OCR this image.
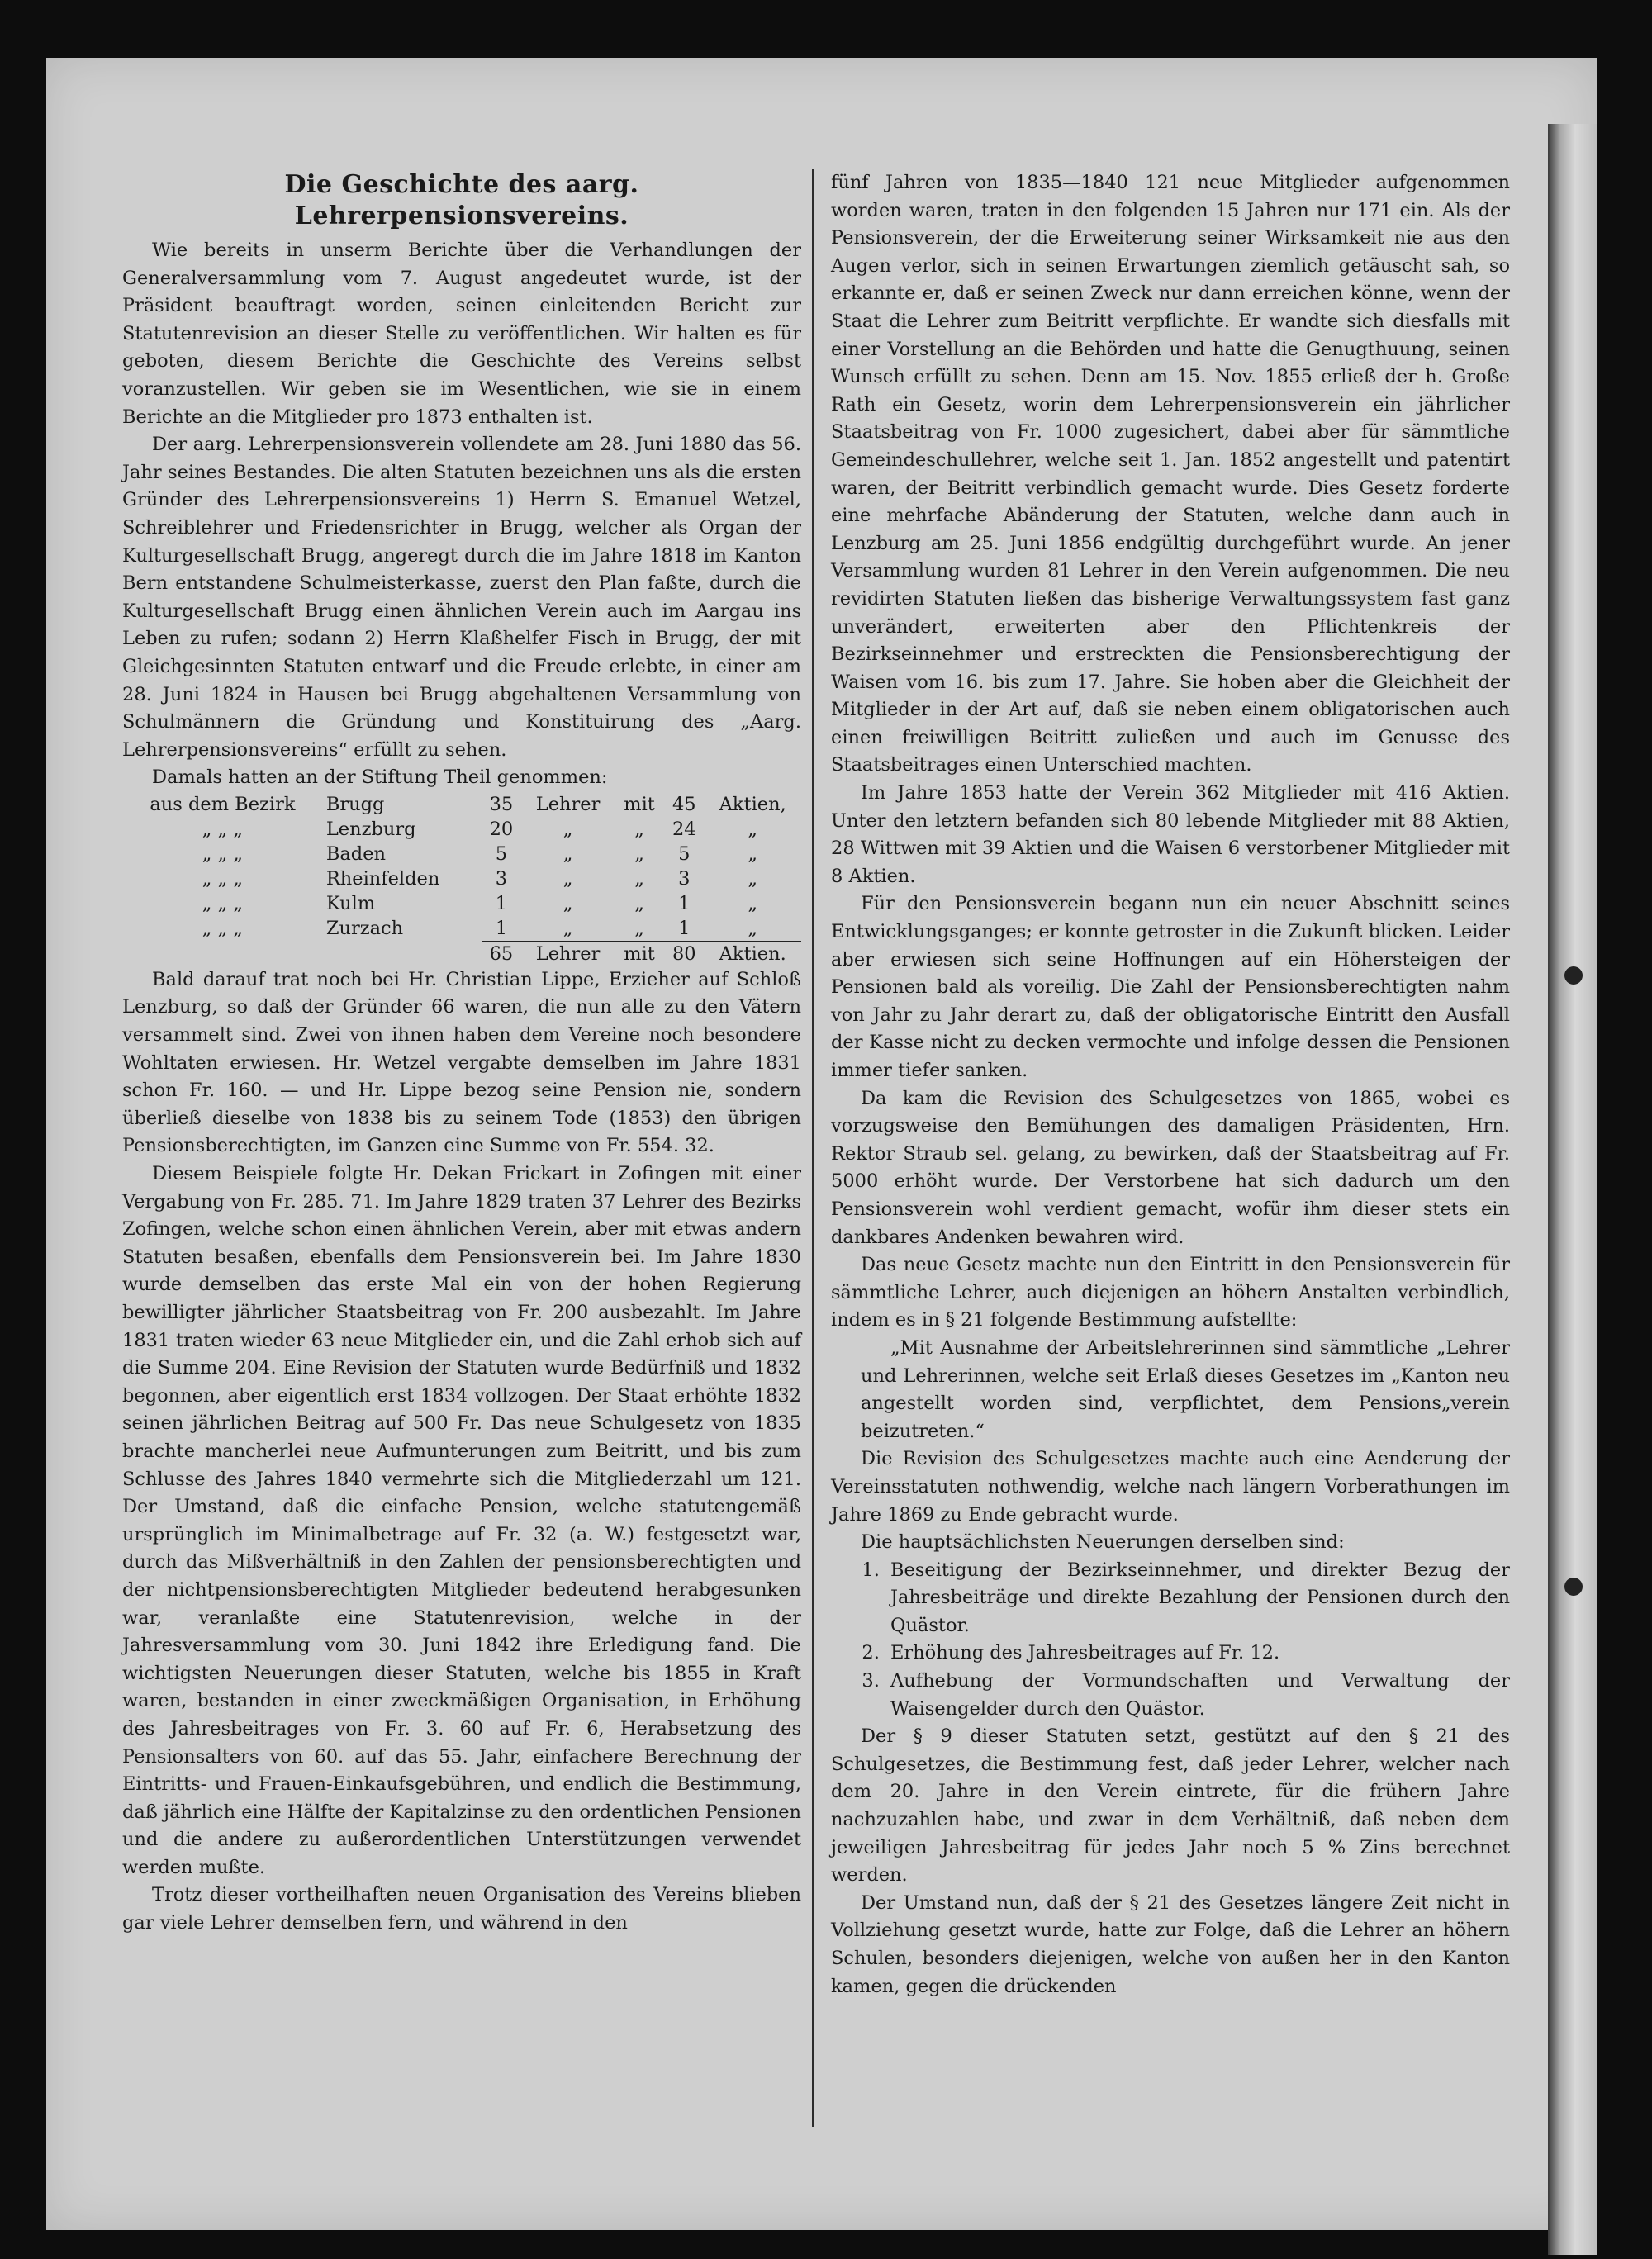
Die Geschichte des aarg. Lehrerpensionsvereins.

Wie bereits in unserm Berichte über die Verhandlungen der Generalversammlung vom 7. August angedeutet wurde, ist der Präsident beauftragt worden, seinen einleitenden Bericht zur Statutenrevision an dieser Stelle zu veröffentlichen. Wir halten es für geboten, diesem Berichte die Geschichte des Vereins selbst voranzustellen. Wir geben sie im Wesentlichen, wie sie in einem Berichte an die Mitglieder pro 1873 enthalten ist.

Der aarg. Lehrerpensionsverein vollendete am 28. Juni 1880 das 56. Jahr seines Bestandes. Die alten Statuten bezeichnen uns als die ersten Gründer des Lehrerpensionsvereins 1) Herrn S. Emanuel Wetzel, Schreiblehrer und Friedensrichter in Brugg, welcher als Organ der Kulturgesellschaft Brugg, angeregt durch die im Jahre 1818 im Kanton Bern entstandene Schulmeisterkasse, zuerst den Plan faßte, durch die Kulturgesellschaft Brugg einen ähnlichen Verein auch im Aargau ins Leben zu rufen; sodann 2) Herrn Klaßhelfer Fisch in Brugg, der mit Gleichgesinnten Statuten entwarf und die Freude erlebte, in einer am 28. Juni 1824 in Hausen bei Brugg abgehaltenen Versammlung von Schulmännern die Gründung und Konstituirung des „Aarg. Lehrerpensionsvereins“ erfüllt zu sehen.

Damals hatten an der Stiftung Theil genommen:

aus dem Bezirk	Brugg	35	Lehrer	mit	45	Aktien,
„ „ „	Lenzburg	20	„	„	24	„
„ „ „	Baden	5	„	„	5	„
„ „ „	Rheinfelden	3	„	„	3	„
„ „ „	Kulm	1	„	„	1	„
„ „ „	Zurzach	1	„	„	1	„
		65	Lehrer	mit	80	Aktien.

Bald darauf trat noch bei Hr. Christian Lippe, Erzieher auf Schloß Lenzburg, so daß der Gründer 66 waren, die nun alle zu den Vätern versammelt sind. Zwei von ihnen haben dem Vereine noch besondere Wohltaten erwiesen. Hr. Wetzel vergabte demselben im Jahre 1831 schon Fr. 160. — und Hr. Lippe bezog seine Pension nie, sondern überließ dieselbe von 1838 bis zu seinem Tode (1853) den übrigen Pensionsberechtigten, im Ganzen eine Summe von Fr. 554. 32.

Diesem Beispiele folgte Hr. Dekan Frickart in Zofingen mit einer Vergabung von Fr. 285. 71. Im Jahre 1829 traten 37 Lehrer des Bezirks Zofingen, welche schon einen ähnlichen Verein, aber mit etwas andern Statuten besaßen, ebenfalls dem Pensionsverein bei. Im Jahre 1830 wurde demselben das erste Mal ein von der hohen Regierung bewilligter jährlicher Staatsbeitrag von Fr. 200 ausbezahlt. Im Jahre 1831 traten wieder 63 neue Mitglieder ein, und die Zahl erhob sich auf die Summe 204. Eine Revision der Statuten wurde Bedürfniß und 1832 begonnen, aber eigentlich erst 1834 vollzogen. Der Staat erhöhte 1832 seinen jährlichen Beitrag auf 500 Fr. Das neue Schulgesetz von 1835 brachte mancherlei neue Aufmunterungen zum Beitritt, und bis zum Schlusse des Jahres 1840 vermehrte sich die Mitgliederzahl um 121. Der Umstand, daß die einfache Pension, welche statutengemäß ursprünglich im Minimalbetrage auf Fr. 32 (a. W.) festgesetzt war, durch das Mißverhältniß in den Zahlen der pensionsberechtigten und der nichtpensionsberechtigten Mitglieder bedeutend herabgesunken war, veranlaßte eine Statutenrevision, welche in der Jahresversammlung vom 30. Juni 1842 ihre Erledigung fand. Die wichtigsten Neuerungen dieser Statuten, welche bis 1855 in Kraft waren, bestanden in einer zweckmäßigen Organisation, in Erhöhung des Jahresbeitrages von Fr. 3. 60 auf Fr. 6, Herabsetzung des Pensionsalters von 60. auf das 55. Jahr, einfachere Berechnung der Eintritts- und Frauen-Einkaufsgebühren, und endlich die Bestimmung, daß jährlich eine Hälfte der Kapitalzinse zu den ordentlichen Pensionen und die andere zu außerordentlichen Unterstützungen verwendet werden mußte.

Trotz dieser vortheilhaften neuen Organisation des Vereins blieben gar viele Lehrer demselben fern, und während in den

fünf Jahren von 1835—1840 121 neue Mitglieder aufgenommen worden waren, traten in den folgenden 15 Jahren nur 171 ein. Als der Pensionsverein, der die Erweiterung seiner Wirksamkeit nie aus den Augen verlor, sich in seinen Erwartungen ziemlich getäuscht sah, so erkannte er, daß er seinen Zweck nur dann erreichen könne, wenn der Staat die Lehrer zum Beitritt verpflichte. Er wandte sich diesfalls mit einer Vorstellung an die Behörden und hatte die Genugthuung, seinen Wunsch erfüllt zu sehen. Denn am 15. Nov. 1855 erließ der h. Große Rath ein Gesetz, worin dem Lehrerpensionsverein ein jährlicher Staatsbeitrag von Fr. 1000 zugesichert, dabei aber für sämmtliche Gemeindeschullehrer, welche seit 1. Jan. 1852 angestellt und patentirt waren, der Beitritt verbindlich gemacht wurde. Dies Gesetz forderte eine mehrfache Abänderung der Statuten, welche dann auch in Lenzburg am 25. Juni 1856 endgültig durchgeführt wurde. An jener Versammlung wurden 81 Lehrer in den Verein aufgenommen. Die neu revidirten Statuten ließen das bisherige Verwaltungssystem fast ganz unverändert, erweiterten aber den Pflichtenkreis der Bezirkseinnehmer und erstreckten die Pensionsberechtigung der Waisen vom 16. bis zum 17. Jahre. Sie hoben aber die Gleichheit der Mitglieder in der Art auf, daß sie neben einem obligatorischen auch einen freiwilligen Beitritt zuließen und auch im Genusse des Staatsbeitrages einen Unterschied machten.

Im Jahre 1853 hatte der Verein 362 Mitglieder mit 416 Aktien. Unter den letztern befanden sich 80 lebende Mitglieder mit 88 Aktien, 28 Wittwen mit 39 Aktien und die Waisen 6 verstorbener Mitglieder mit 8 Aktien.

Für den Pensionsverein begann nun ein neuer Abschnitt seines Entwicklungsganges; er konnte getroster in die Zukunft blicken. Leider aber erwiesen sich seine Hoffnungen auf ein Höhersteigen der Pensionen bald als voreilig. Die Zahl der Pensionsberechtigten nahm von Jahr zu Jahr derart zu, daß der obligatorische Eintritt den Ausfall der Kasse nicht zu decken vermochte und infolge dessen die Pensionen immer tiefer sanken.

Da kam die Revision des Schulgesetzes von 1865, wobei es vorzugsweise den Bemühungen des damaligen Präsidenten, Hrn. Rektor Straub sel. gelang, zu bewirken, daß der Staatsbeitrag auf Fr. 5000 erhöht wurde. Der Verstorbene hat sich dadurch um den Pensionsverein wohl verdient gemacht, wofür ihm dieser stets ein dankbares Andenken bewahren wird.

Das neue Gesetz machte nun den Eintritt in den Pensionsverein für sämmtliche Lehrer, auch diejenigen an höhern Anstalten verbindlich, indem es in § 21 folgende Bestimmung aufstellte:

„Mit Ausnahme der Arbeitslehrerinnen sind sämmtliche „Lehrer und Lehrerinnen, welche seit Erlaß dieses Gesetzes im „Kanton neu angestellt worden sind, verpflichtet, dem Pensions„verein beizutreten.“

Die Revision des Schulgesetzes machte auch eine Aenderung der Vereinsstatuten nothwendig, welche nach längern Vorberathungen im Jahre 1869 zu Ende gebracht wurde.

Die hauptsächlichsten Neuerungen derselben sind:

1. Beseitigung der Bezirkseinnehmer, und direkter Bezug der Jahresbeiträge und direkte Bezahlung der Pensionen durch den Quästor.
2. Erhöhung des Jahresbeitrages auf Fr. 12.
3. Aufhebung der Vormundschaften und Verwaltung der Waisengelder durch den Quästor.

Der § 9 dieser Statuten setzt, gestützt auf den § 21 des Schulgesetzes, die Bestimmung fest, daß jeder Lehrer, welcher nach dem 20. Jahre in den Verein eintrete, für die frühern Jahre nachzuzahlen habe, und zwar in dem Verhältniß, daß neben dem jeweiligen Jahresbeitrag für jedes Jahr noch 5 % Zins berechnet werden.

Der Umstand nun, daß der § 21 des Gesetzes längere Zeit nicht in Vollziehung gesetzt wurde, hatte zur Folge, daß die Lehrer an höhern Schulen, besonders diejenigen, welche von außen her in den Kanton kamen, gegen die drückenden
